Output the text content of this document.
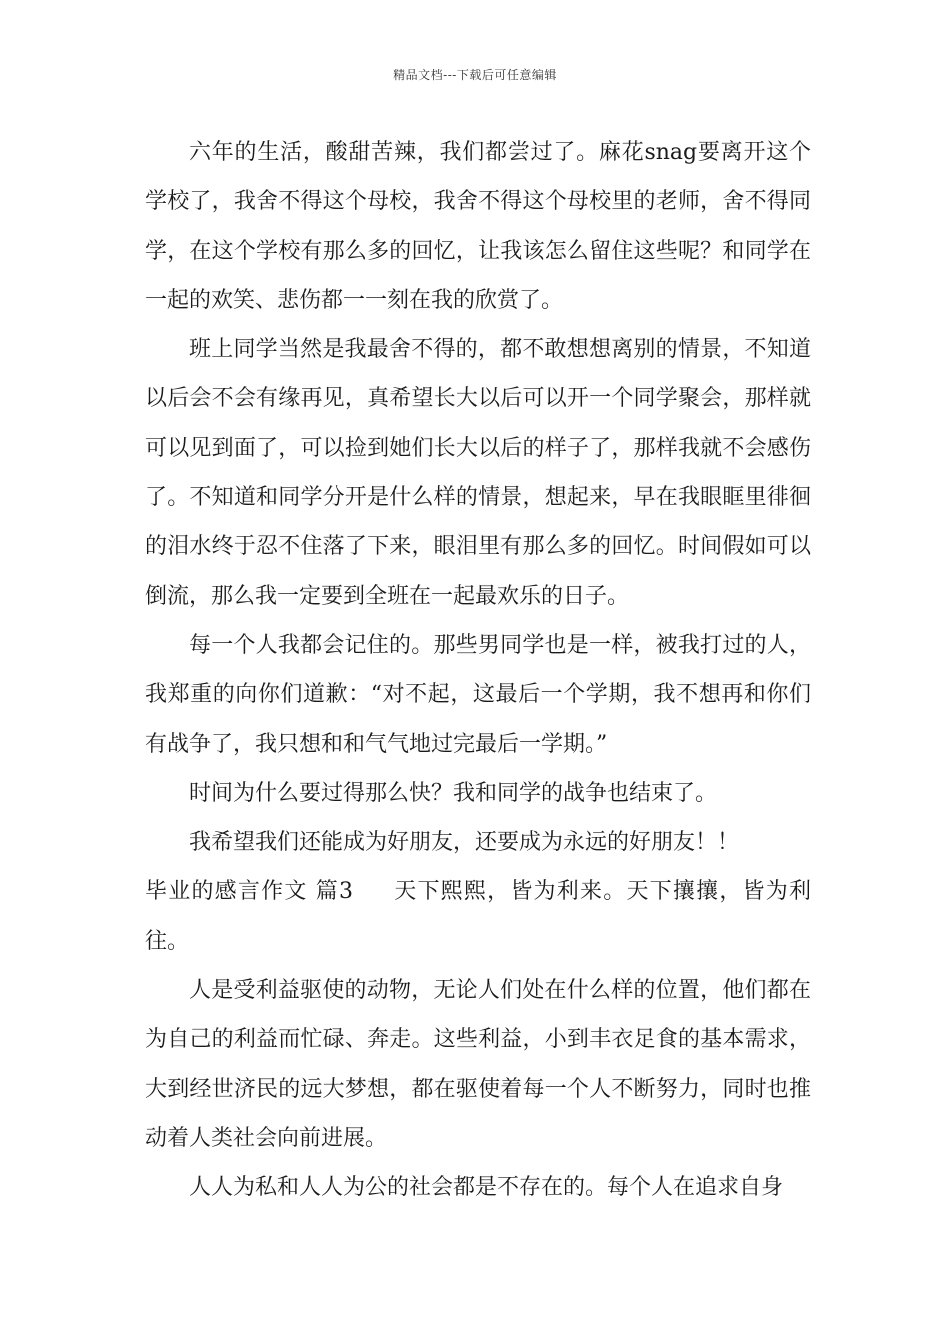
精品文档---下载后可任意编辑

六年的生活，酸甜苦辣，我们都尝过了。麻花snag要离开这个学校了，我舍不得这个母校，我舍不得这个母校里的老师，舍不得同学，在这个学校有那么多的回忆，让我该怎么留住这些呢？和同学在一起的欢笑、悲伤都一一刻在我的欣赏了。

班上同学当然是我最舍不得的，都不敢想想离别的情景，不知道以后会不会有缘再见，真希望长大以后可以开一个同学聚会，那样就可以见到面了，可以捡到她们长大以后的样子了，那样我就不会感伤了。不知道和同学分开是什么样的情景，想起来，早在我眼眶里徘徊的泪水终于忍不住落了下来，眼泪里有那么多的回忆。时间假如可以倒流，那么我一定要到全班在一起最欢乐的日子。

每一个人我都会记住的。那些男同学也是一样，被我打过的人，我郑重的向你们道歉：“对不起，这最后一个学期，我不想再和你们有战争了，我只想和和气气地过完最后一学期。”

时间为什么要过得那么快？我和同学的战争也结束了。

我希望我们还能成为好朋友，还要成为永远的好朋友！！

毕业的感言作文 篇3 天下熙熙，皆为利来。天下攘攘，皆为利往。

人是受利益驱使的动物，无论人们处在什么样的位置，他们都在为自己的利益而忙碌、奔走。这些利益，小到丰衣足食的基本需求，大到经世济民的远大梦想，都在驱使着每一个人不断努力，同时也推动着人类社会向前进展。

人人为私和人人为公的社会都是不存在的。每个人在追求自身
